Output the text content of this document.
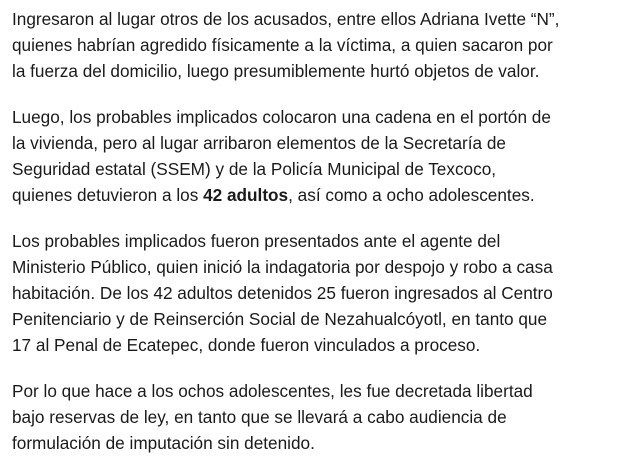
Ingresaron al lugar otros de los acusados, entre ellos Adriana Ivette “N”,
quienes habrían agredido físicamente a la víctima, a quien sacaron por
la fuerza del domicilio, luego presumiblemente hurtó objetos de valor.

Luego, los probables implicados colocaron una cadena en el portón de
la vivienda, pero al lugar arribaron elementos de la Secretaría de
Seguridad estatal (SSEM) y de la Policía Municipal de Texcoco,
quienes detuvieron a los 42 adultos, así como a ocho adolescentes.

Los probables implicados fueron presentados ante el agente del
Ministerio Público, quien inició la indagatoria por despojo y robo a casa
habitación. De los 42 adultos detenidos 25 fueron ingresados al Centro
Penitenciario y de Reinserción Social de Nezahualcóyotl, en tanto que
17 al Penal de Ecatepec, donde fueron vinculados a proceso.

Por lo que hace a los ochos adolescentes, les fue decretada libertad
bajo reservas de ley, en tanto que se llevará a cabo audiencia de
formulación de imputación sin detenido.
